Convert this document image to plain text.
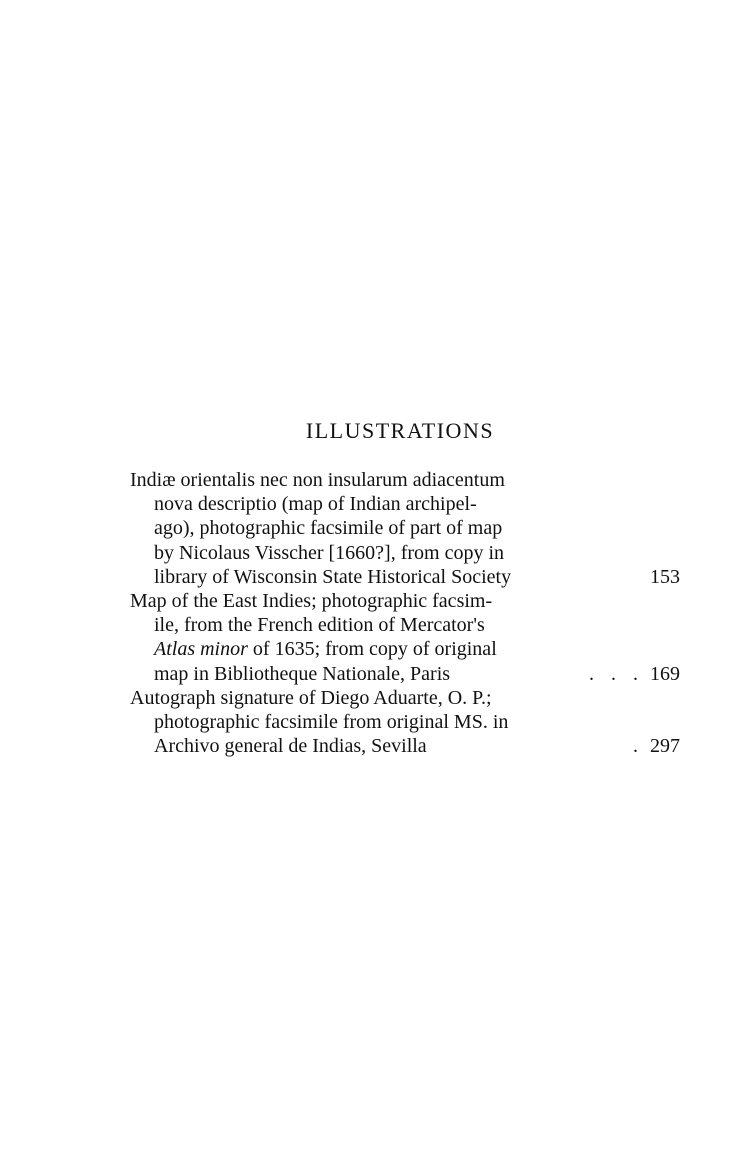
ILLUSTRATIONS
Indiæ orientalis nec non insularum adiacentum
nova descriptio (map of Indian archipel-
ago), photographic facsimile of part of map
by Nicolaus Visscher [1660?], from copy in
library of Wisconsin State Historical Society	153
Map of the East Indies; photographic facsim-
ile, from the French edition of Mercator's
Atlas minor of 1635; from copy of original
map in Bibliotheque Nationale, Paris	. . . 169
Autograph signature of Diego Aduarte, O. P.;
photographic facsimile from original MS. in
Archivo general de Indias, Sevilla	. 297
